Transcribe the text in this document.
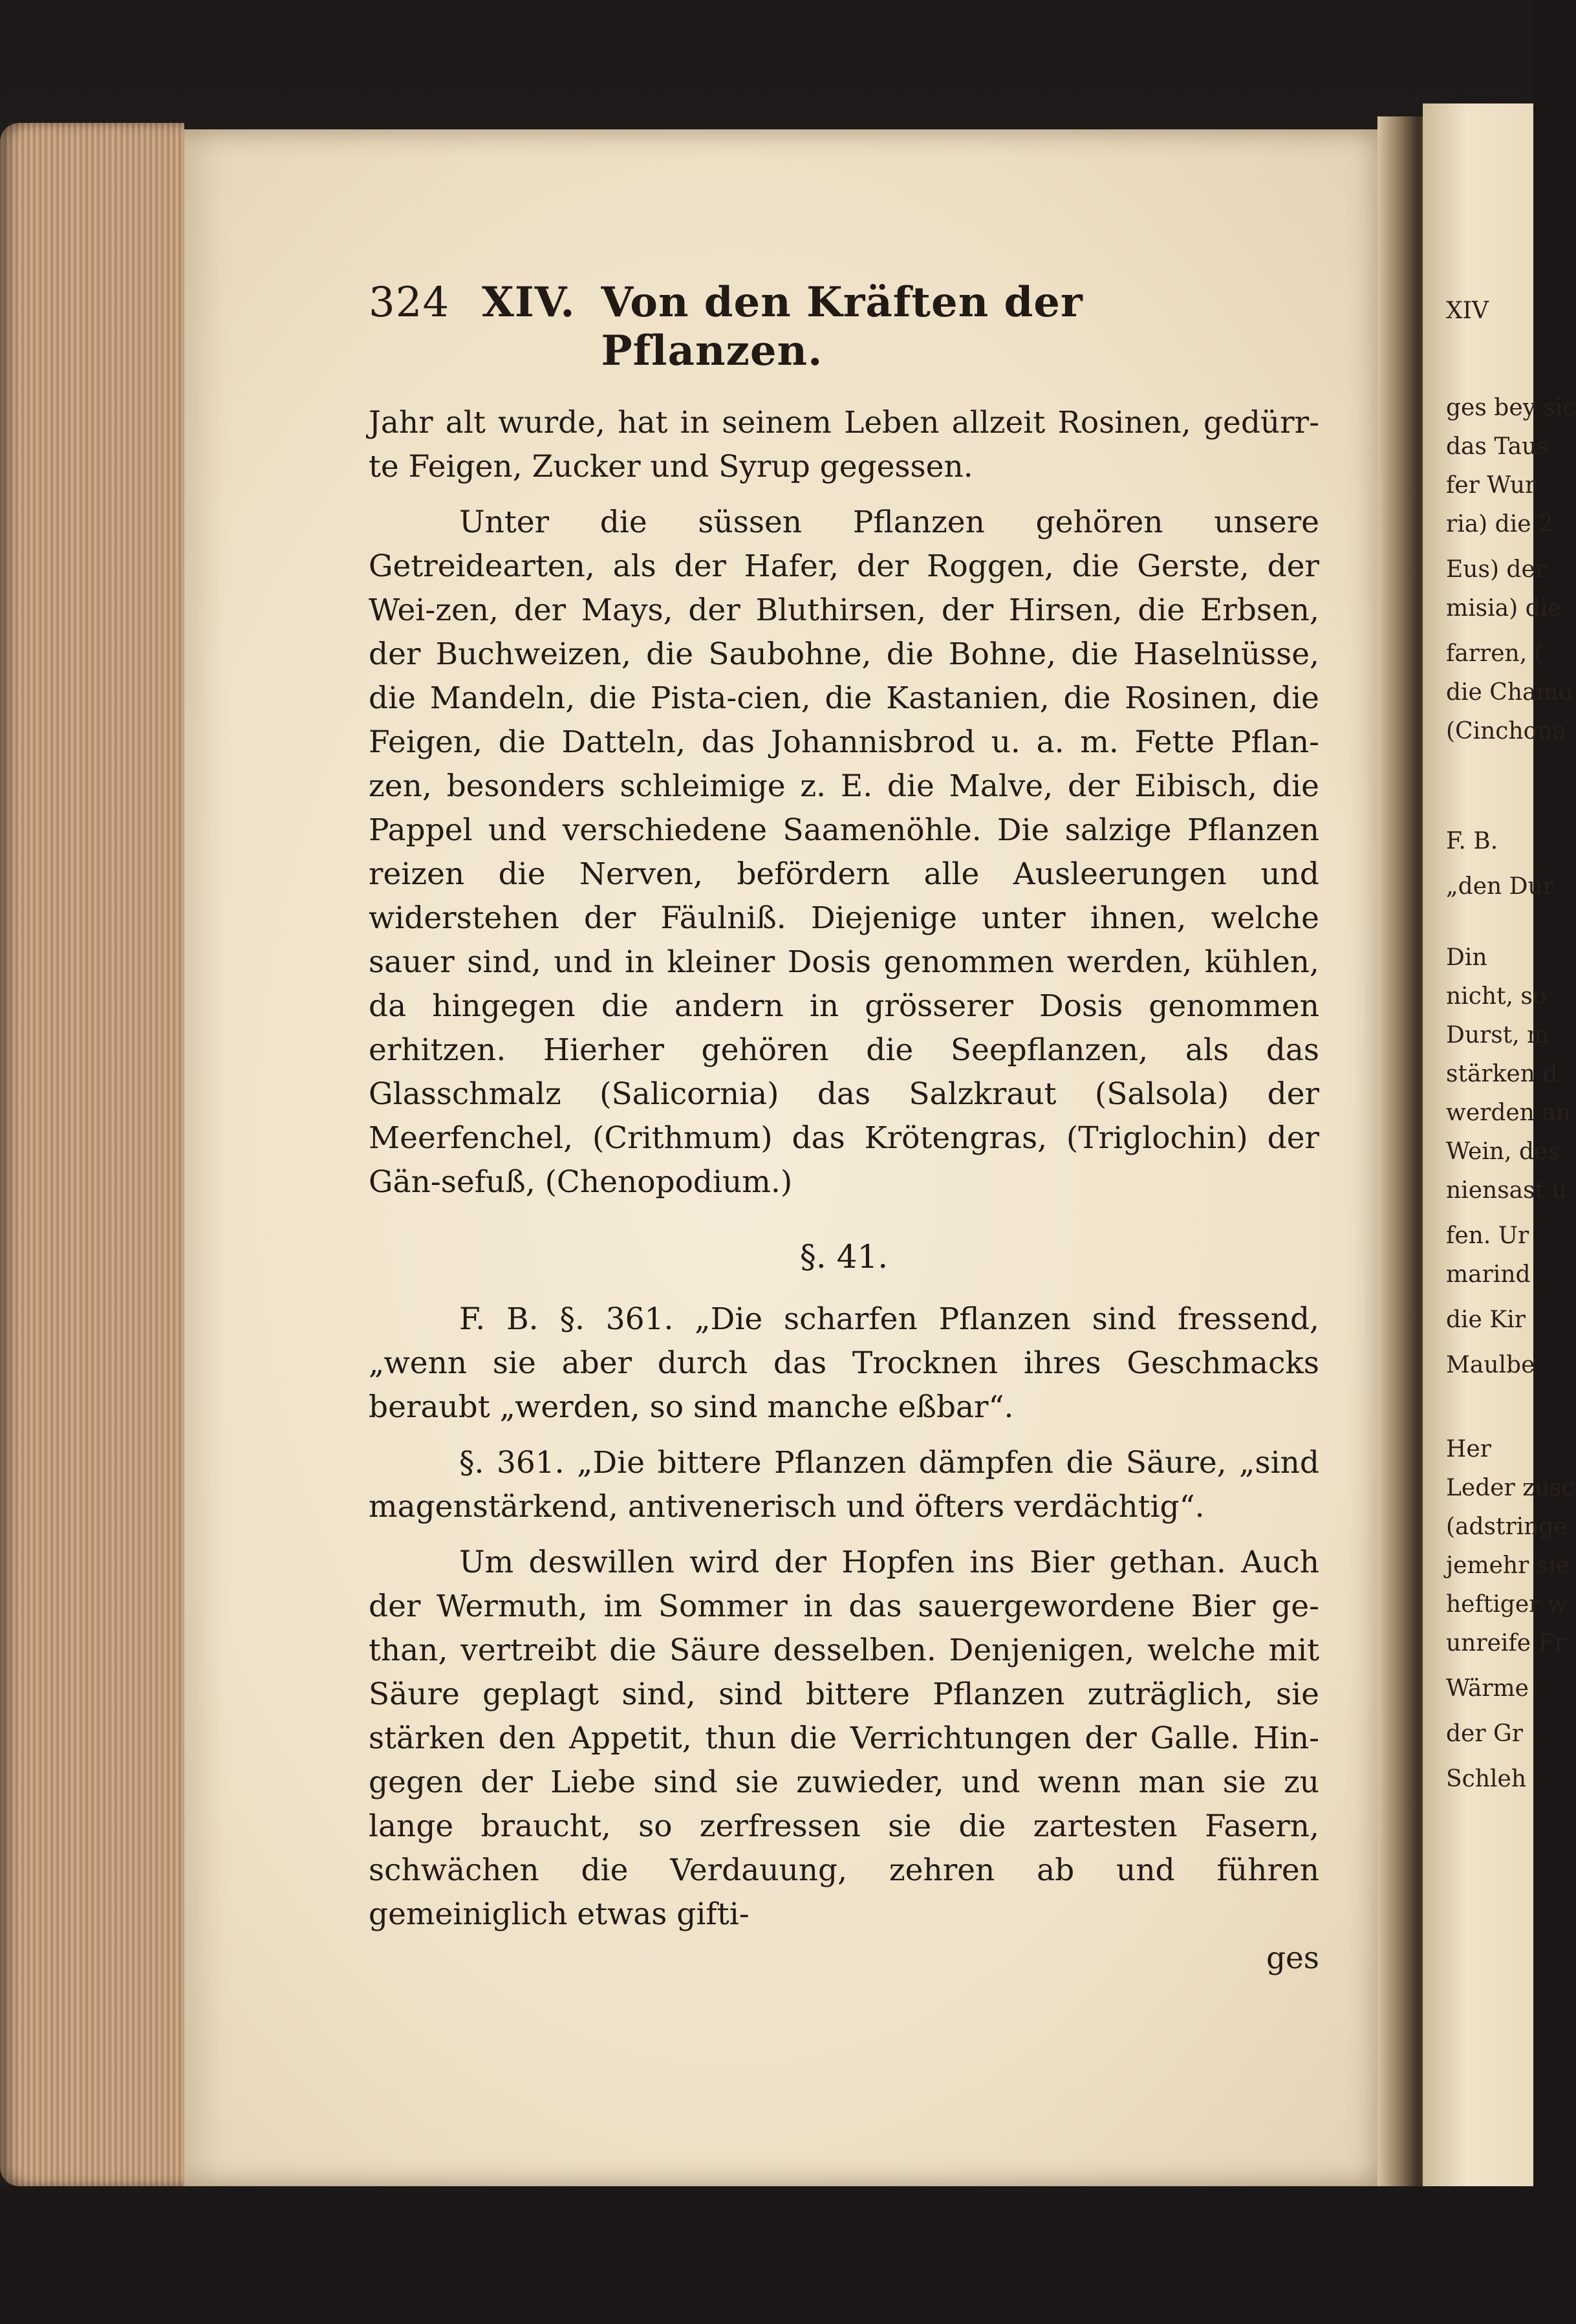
XIV
ges bey sic
das Taus
fer Wur
ria) die 2
Eus) der
misia) die
farren, (
die Chamo
(Cinchona
F. B.
„den Dur
Din
nicht, so
Durst, m
stärken d
werden an
Wein, des
niensast u
fen. Ur
marind
die Kir
Maulbe
Her
Leder zusc
(adstringe
jemehr sie
heftiger w
unreife Fr
Wärme
der Gr
Schleh
324 XIV. Von den Kräften der Pflanzen.

Jahr alt wurde, hat in seinem Leben allzeit Rosinen, gedürr-te Feigen, Zucker und Syrup gegessen.

Unter die süssen Pflanzen gehören unsere Getreidearten, als der Hafer, der Roggen, die Gerste, der Wei-zen, der Mays, der Bluthirsen, der Hirsen, die Erbsen, der Buchweizen, die Saubohne, die Bohne, die Haselnüsse, die Mandeln, die Pista-cien, die Kastanien, die Rosinen, die Feigen, die Datteln, das Johannisbrod u. a. m. Fette Pflan-zen, besonders schleimige z. E. die Malve, der Eibisch, die Pappel und verschiedene Saamenöhle. Die salzige Pflanzen reizen die Nerven, befördern alle Ausleerungen und widerstehen der Fäulniß. Diejenige unter ihnen, welche sauer sind, und in kleiner Dosis genommen werden, kühlen, da hingegen die andern in grösserer Dosis genommen erhitzen. Hierher gehören die Seepflanzen, als das Glasschmalz (Salicornia) das Salzkraut (Salsola) der Meerfenchel, (Crithmum) das Krötengras, (Triglochin) der Gän-sefuß, (Chenopodium.)

§. 41.

F. B. §. 361. „Die scharfen Pflanzen sind fressend, „wenn sie aber durch das Trocknen ihres Geschmacks beraubt „werden, so sind manche eßbar“.

§. 361. „Die bittere Pflanzen dämpfen die Säure, „sind magenstärkend, antivenerisch und öfters verdächtig“.

Um deswillen wird der Hopfen ins Bier gethan. Auch der Wermuth, im Sommer in das sauergewordene Bier ge-than, vertreibt die Säure desselben. Denjenigen, welche mit Säure geplagt sind, sind bittere Pflanzen zuträglich, sie stärken den Appetit, thun die Verrichtungen der Galle. Hin-gegen der Liebe sind sie zuwieder, und wenn man sie zu lange braucht, so zerfressen sie die zartesten Fasern, schwächen die Verdauung, zehren ab und führen gemeiniglich etwas gifti-

ges
